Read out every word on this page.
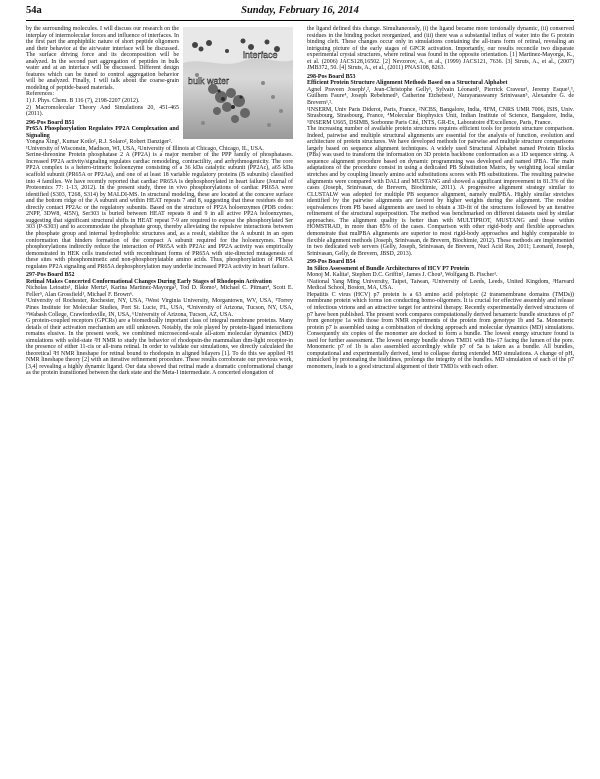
54a	Sunday, February 16, 2014
interface
bulk water

by the surrounding molecules. I will discuss our research on the interplay of intermolecular forces and influence of interfaces. In the first part the amphiphilic nature of short peptide oligomers and their behavior at the air/water interface will be discussed. The surface driving force and its decomposition will be analyzed. In the second part aggregation of peptides in bulk water and at an interface will be discussed. Different design features which can be tuned to control aggregation behavior will be analyzed. Finally, I will talk about the coarse-grain modeling of peptide-based materials.

References:

1) J. Phys. Chem. B 116 (7), 2198-2207 (2012).

2) Macromolecular Theory And Simulations 20, 451-465 (2011).

296-Pos Board B51

Pr65A Phosphorylation Regulates PP2A Complexation and Signaling

Yongna Xing¹, Kumar Kotlo², R.J. Solaro², Robert Danziger².

¹University of Wisconsin, Madison, WI, USA, ²University of Illinois at Chicago, Chicago, IL, USA.

Serine-threonine Protein phosphatase 2 A (PP2A) is a major member of the PPP family of phosphatases. Increased PP2A activity/signaling regulates cardiac remodeling, contractility, and arrhythmogenicity. The core PP2A complex is a hetero-trimeric holoenzyme consisting of a 36 kDa catalytic subunit (PP2Ac), a65 kDa scaffold subunit (PR65A or PP2Aa), and one of at least 18 variable regulatory proteins (B subunits) classified into 4 families. We have recently reported that cardiac PR65A is dephosphorylated in heart failure (Journal of Proteomics 77: 1-13, 2012). In the present study, three in vivo phosphorylations of cardiac PR65A were identified (S303, T268, S314) by MALDI-MS. In structural modeling, these are located at the concave surface and the bottom ridge of the A subunit and within HEAT repeats 7 and 8, suggesting that these residues do not directly contact PP2Ac or the regulatory subunits. Based on the structure of PP2A holoenzymes (PDB codes: 2NPP, 3DW8, 4I5N), Ser303 is buried between HEAT repeats 8 and 9 in all active PP2A holoenzymes, suggesting that significant structural shifts in HEAT repeat 7-9 are required to expose the phosphorylated Ser 303 (P-S303) and to accommodate the phosphate group, thereby alleviating the repulsive interactions between the phosphate group and internal hydrophobic structures and, as a result, stabilize the A subunit in an open conformation that hinders formation of the compact A subunit required for the holoenzymes. These phosphorylations indirectly reduce the interaction of PR65A with PP2Ac and PP2A activity was empirically demonstrated in HEK cells transfected with recombinant forms of PR65A with site-directed mutagenesis of these sites with phosphomimetic and non-phosphorylatable amino acids. Thus, phosphorylation of PR65A regulates PP2A signaling and PR65A dephosphorylation may underlie increased PP2A activity in heart failure.

297-Pos Board B52

Retinal Makes Concerted Conformational Changes During Early Stages of Rhodopsin Activation

Nicholas Leioatts¹, Blake Mertz², Karina Martinez-Mayorga³, Tod D. Romo¹, Michael C. Pitman⁴, Scott E. Feller⁵, Alan Grossfield¹, Michael F. Brown⁶.

¹University of Rochester, Rochester, NY, USA, ²West Virginia University, Morgantown, WV, USA, ³Torrey Pines Institute for Molecular Studies, Port St. Lucie, FL, USA, ⁴University of Arizona, Tucson, NY, USA, ⁵Wabash College, Crawfordsville, IN, USA, ⁶University of Arizona, Tucson, AZ, USA.

G protein-coupled receptors (GPCRs) are a biomedically important class of integral membrane proteins. Many details of their activation mechanism are still unknown. Notably, the role played by protein-ligand interactions remains elusive. In the present work, we combined microsecond-scale all-atom molecular dynamics (MD) simulations with solid-state ²H NMR to study the behavior of rhodopsin-the mammalian dim-light receptor-in the presence of either 11-cis or all-trans retinal. In order to validate our simulations, we directly calculated the theoretical ²H NMR lineshape for retinal bound to rhodopsin in aligned bilayers [1]. To do this we applied ²H NMR lineshape theory [2] with an iterative refinement procedure. These results corroborate our previous work, [3,4] revealing a highly dynamic ligand. Our data showed that retinal made a dramatic conformational change as the protein transitioned between the dark state and the Meta-I intermediate. A concerted elongation of

the ligand defined this change. Simultaneously, (i) the ligand became more torsionally dynamic, (ii) conserved residues in the binding pocket reorganized, and (iii) there was a substantial influx of water into the G protein binding cleft. These changes occur only in simulations containing the all-trans form of retinal, revealing an intriguing picture of the early stages of GPCR activation. Importantly, our results reconcile two disparate experimental crystal structures, where retinal was found in the opposite orientation. [1] Martinez-Mayorga, K., et al. (2006) JACS128,16502. [2] Nevzorov, A., et al., (1999) JACS121, 7636. [3] Struts, A., et al., (2007) JMB372, 50. [4] Struts, A., et al., (2011) PNAS108, 8263.

298-Pos Board B53

Efficient Protein Structure Alignment Methods Based on a Structural Alphabet

Agnel Praveen Joseph¹,², Jean-Christophe Gelly¹, Sylvain Léonard¹, Pierrick Craveur¹, Jeremy Esque¹,³, Guilhem Faure⁴, Joseph Rebehmed⁵, Catherine Etchebest¹, Narayanaswamy Srinivasan⁵, Alexandre G. de Brevern¹,².

¹INSERM, Univ Paris Diderot, Paris, France, ²NCBS, Bangalore, India, ³IFM, CNRS UMR 7006, ISIS, Univ. Strasbourg, Strasbourg, France, ⁴Molecular Biophysics Unit, Indian Institute of Science, Bangalore, India, ⁵INSERM U665, DSIMB, Sorbonne Paris Cité, INTS, GR-Ex, Laboratoire d'Excellence, Paris, France.

The increasing number of available protein structures requires efficient tools for protein structure comparison. Indeed, pairwise and multiple structural alignments are essential for the analysis of function, evolution and architecture of protein structures. We have developed methods for pairwise and multiple structure comparisons largely based on sequence alignment techniques. A widely used Structural Alphabet named Protein Blocks (PBs) was used to transform the information on 3D protein backbone conformation as a 1D sequence string. A sequence alignment procedure based on dynamic programming was developed and named iPBA. The main adaptations of the procedure consist in using a dedicated PB Substitution Matrix, by weighting local similar stretches and by coupling linearly amino acid substitutions scores with PB substitutions. The resulting pairwise alignments were compared with DALI and MUSTANG and showed a significant improvement in 81.3% of the cases (Joseph, Srinivasan, de Brevern, Biochimie, 2011). A progressive alignment strategy similar to CLUSTALW was adopted for multiple PB sequence alignment, namely mulPBA. Highly similar stretches identified by the pairwise alignments are favored by higher weights during the alignment. The residue equivalences from PB based alignments are used to obtain a 3D-fit of the structures followed by an iterative refinement of the structural superposition. The method was benchmarked on different datasets used by similar approaches. The alignment quality is better than with MULTIPROT, MUSTANG and those within HOMSTRAD, in more than 85% of the cases. Comparison with other rigid-body and flexible approaches demonstrate that mulPBA alignments are superior to most rigid-body approaches and highly comparable to flexible alignment methods (Joseph, Srinivasan, de Brevern, Biochimie, 2012). These methods are implemented in two dedicated web servers (Gelly, Joseph, Srinivasan, de Brevern, Nucl Acid Res, 2011; Leonard, Joseph, Srinivasan, Gelly, de Brevern, JBSD, 2013).

299-Pos Board B54

In Silico Assessment of Bundle Architectures of HCV P7 Protein

Monoj M. Kalita¹, Stephen D.C. Griffin², James J. Chou³, Wolfgang B. Fischer¹.

¹National Yang Ming University, Taipei, Taiwan, ²University of Leeds, Leeds, United Kingdom, ³Harvard Medical School, Boston, MA, USA.

Hepatitis C virus (HCV) p7 protein is a 63 amino acid polytopic (2 transmembrane domains (TMDs)) membrane protein which forms ion conducting homo-oligomers. It is crucial for effective assembly and release of infectious virions and an attractive target for antiviral therapy. Recently experimentally derived structures of p7 have been published. The present work compares computationally derived hexameric bundle structures of p7 from genotype 1a with those from NMR experiments of the protein from genotype 1b and 5a. Monomeric protein p7 is assembled using a combination of docking approach and molecular dynamics (MD) simulations. Consequently six copies of the monomer are docked to form a bundle. The lowest energy structure found is used for further assessment. The lowest energy bundle shows TMD1 with His-17 facing the lumen of the pore. Monomeric p7 of 1b is also assembled accordingly while p7 of 5a is taken as a bundle. All bundles, computational and experimentally derived, tend to collapse during extended MD simulations. A change of pH, mimicked by protonating the histidines, prolongs the integrity of the bundles. MD simulation of each of the p7 monomers, leads to a good structural alignment of their TMD1s with each other.
